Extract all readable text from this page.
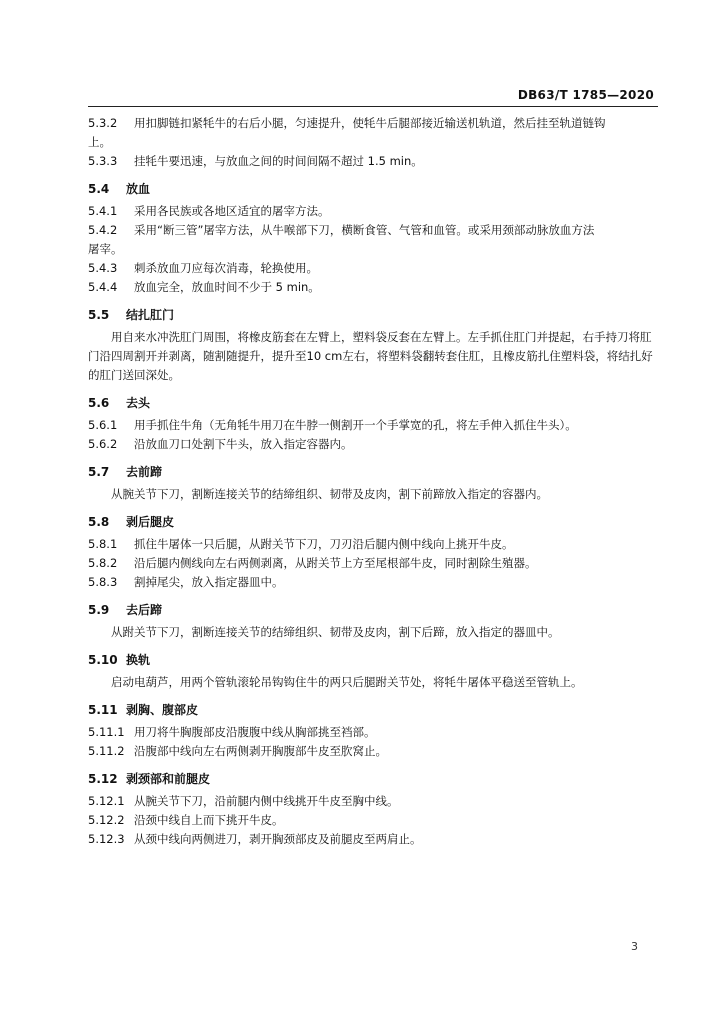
DB63/T 1785—2020
5.3.2 用扣脚链扣紧牦牛的右后小腿，匀速提升，使牦牛后腿部接近输送机轨道，然后挂至轨道链钩
上。
5.3.3 挂牦牛要迅速，与放血之间的时间间隔不超过 1.5 min。
5.4 放血
5.4.1 采用各民族或各地区适宜的屠宰方法。
5.4.2 采用“断三管”屠宰方法，从牛喉部下刀，横断食管、气管和血管。或采用颈部动脉放血方法
屠宰。
5.4.3 刺杀放血刀应每次消毒，轮换使用。
5.4.4 放血完全，放血时间不少于 5 min。
5.5 结扎肛门
用自来水冲洗肛门周围，将橡皮筋套在左臂上，塑料袋反套在左臂上。左手抓住肛门并提起，右手持刀将肛门沿四周割开并剥离，随割随提升，提升至10 cm左右，将塑料袋翻转套住肛，且橡皮筋扎住塑料袋，将结扎好的肛门送回深处。
5.6 去头
5.6.1 用手抓住牛角（无角牦牛用刀在牛脖一侧割开一个手掌宽的孔，将左手伸入抓住牛头）。
5.6.2 沿放血刀口处割下牛头，放入指定容器内。
5.7 去前蹄
从腕关节下刀，割断连接关节的结缔组织、韧带及皮肉，割下前蹄放入指定的容器内。
5.8 剥后腿皮
5.8.1 抓住牛屠体一只后腿，从跗关节下刀，刀刃沿后腿内侧中线向上挑开牛皮。
5.8.2 沿后腿内侧线向左右两侧剥离，从跗关节上方至尾根部牛皮，同时割除生殖器。
5.8.3 割掉尾尖，放入指定器皿中。
5.9 去后蹄
从跗关节下刀，割断连接关节的结缔组织、韧带及皮肉，割下后蹄，放入指定的器皿中。
5.10 换轨
启动电葫芦，用两个管轨滚轮吊钩钩住牛的两只后腿跗关节处，将牦牛屠体平稳送至管轨上。
5.11 剥胸、腹部皮
5.11.1 用刀将牛胸腹部皮沿腹腹中线从胸部挑至裆部。
5.11.2 沿腹部中线向左右两侧剥开胸腹部牛皮至肷窝止。
5.12 剥颈部和前腿皮
5.12.1 从腕关节下刀，沿前腿内侧中线挑开牛皮至胸中线。
5.12.2 沿颈中线自上而下挑开牛皮。
5.12.3 从颈中线向两侧进刀，剥开胸颈部皮及前腿皮至两肩止。
3
